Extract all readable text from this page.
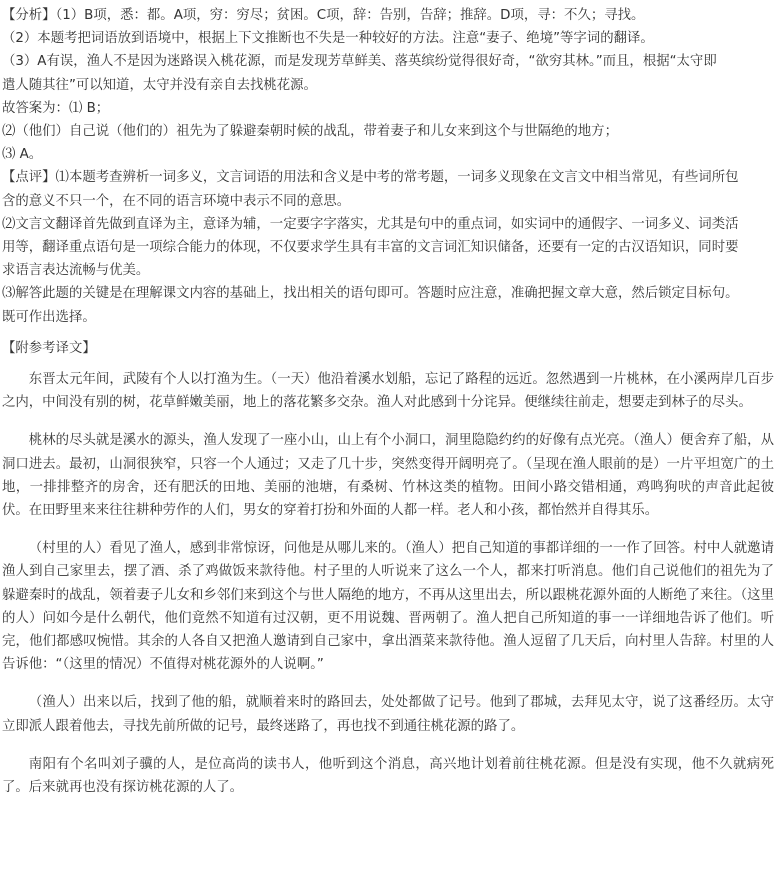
【分析】（1）B项，悉：都。A项，穷：穷尽；贫困。C项，辞：告别，告辞；推辞。D项，寻：不久；寻找。
（2）本题考把词语放到语境中，根据上下文推断也不失是一种较好的方法。注意“妻子、绝境”等字词的翻译。
（3）A有误，渔人不是因为迷路误入桃花源，而是发现芳草鲜美、落英缤纷觉得很好奇，“欲穷其林。”而且，根据“太守即
遣人随其往”可以知道，太守并没有亲自去找桃花源。
故答案为：⑴ B；
⑵（他们）自己说（他们的）祖先为了躲避秦朝时候的战乱，带着妻子和儿女来到这个与世隔绝的地方；
⑶ A。
【点评】⑴本题考查辨析一词多义，文言词语的用法和含义是中考的常考题，一词多义现象在文言文中相当常见，有些词所包
含的意义不只一个，在不同的语言环境中表示不同的意思。
⑵文言文翻译首先做到直译为主，意译为辅，一定要字字落实，尤其是句中的重点词，如实词中的通假字、一词多义、词类活
用等，翻译重点语句是一项综合能力的体现，不仅要求学生具有丰富的文言词汇知识储备，还要有一定的古汉语知识，同时要
求语言表达流畅与优美。
⑶解答此题的关键是在理解课文内容的基础上，找出相关的语句即可。答题时应注意，准确把握文章大意，然后锁定目标句。
既可作出选择。
【附参考译文】

东晋太元年间，武陵有个人以打渔为生。（一天）他沿着溪水划船，忘记了路程的远近。忽然遇到一片桃林，在小溪两岸几百步之内，中间没有别的树，花草鲜嫩美丽，地上的落花繁多交杂。渔人对此感到十分诧异。便继续往前走，想要走到林子的尽头。

桃林的尽头就是溪水的源头，渔人发现了一座小山，山上有个小洞口，洞里隐隐约约的好像有点光亮。（渔人）便舍弃了船，从洞口进去。最初，山洞很狭窄，只容一个人通过；又走了几十步，突然变得开阔明亮了。（呈现在渔人眼前的是）一片平坦宽广的土地，一排排整齐的房舍，还有肥沃的田地、美丽的池塘，有桑树、竹林这类的植物。田间小路交错相通，鸡鸣狗吠的声音此起彼伏。在田野里来来往往耕种劳作的人们，男女的穿着打扮和外面的人都一样。老人和小孩，都怡然并自得其乐。

（村里的人）看见了渔人，感到非常惊讶，问他是从哪儿来的。（渔人）把自己知道的事都详细的一一作了回答。村中人就邀请渔人到自己家里去，摆了酒、杀了鸡做饭来款待他。村子里的人听说来了这么一个人，都来打听消息。他们自己说他们的祖先为了躲避秦时的战乱，领着妻子儿女和乡邻们来到这个与世人隔绝的地方，不再从这里出去，所以跟桃花源外面的人断绝了来往。（这里的人）问如今是什么朝代，他们竟然不知道有过汉朝，更不用说魏、晋两朝了。渔人把自己所知道的事一一详细地告诉了他们。听完，他们都感叹惋惜。其余的人各自又把渔人邀请到自己家中，拿出酒菜来款待他。渔人逗留了几天后，向村里人告辞。村里的人告诉他：“（这里的情况）不值得对桃花源外的人说啊。”

（渔人）出来以后，找到了他的船，就顺着来时的路回去，处处都做了记号。他到了郡城，去拜见太守，说了这番经历。太守立即派人跟着他去，寻找先前所做的记号，最终迷路了，再也找不到通往桃花源的路了。

南阳有个名叫刘子骥的人，是位高尚的读书人，他听到这个消息，高兴地计划着前往桃花源。但是没有实现，他不久就病死了。后来就再也没有探访桃花源的人了。
